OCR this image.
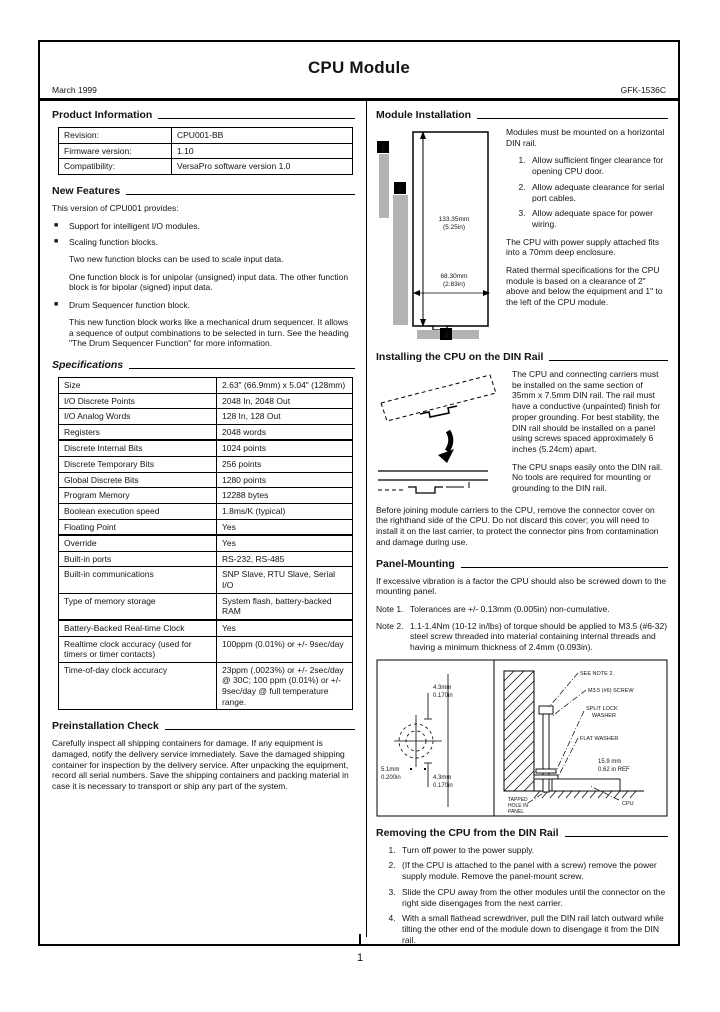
CPU Module
March 1999	GFK-1536C
Product Information
Revision:	CPU001-BB
Firmware version:	1.10
Compatibility:	VersaPro software version 1.0
New Features

This version of CPU001 provides:

■	Support for intelligent I/O modules.
■	Scaling function blocks.

Two new function blocks can be used to scale input data.

One function block is for unipolar (unsigned) input data. The other function block is for bipolar (signed) input data.

■	Drum Sequencer function block.

This new function block works like a mechanical drum sequencer. It allows a sequence of output combinations to be selected in turn. See the heading "The Drum Sequencer Function" for more information.

Specifications
Size	2.63" (66.9mm) x 5.04" (128mm)
I/O Discrete Points	2048 In, 2048 Out
I/O Analog Words	128 In, 128 Out
Registers	2048 words
Discrete Internal Bits	1024 points
Discrete Temporary Bits	256 points
Global Discrete Bits	1280 points
Program Memory	12288 bytes
Boolean execution speed	1.8ms/K (typical)
Floating Point	Yes
Override	Yes
Built-in ports	RS-232, RS-485
Built-in communications	SNP Slave, RTU Slave, Serial I/O
Type of memory storage	System flash, battery-backed RAM
Battery-Backed Real-time Clock	Yes
Realtime clock accuracy (used for timers or timer contacts)	100ppm (0.01%) or +/- 9sec/day
Time-of-day clock accuracy	23ppm (.0023%) or +/- 2sec/day @ 30C; 100 ppm (0.01%) or +/- 9sec/day @ full temperature range.
Preinstallation Check

Carefully inspect all shipping containers for damage. If any equipment is damaged, notify the delivery service immediately. Save the damaged shipping container for inspection by the delivery service. After unpacking the equipment, record all serial numbers. Save the shipping containers and packing material in case it is necessary to transport or ship any part of the system.

Module Installation
1
2
133.35mm
(5.25in)
68.30mm
(2.83in)
3

Modules must be mounted on a horizontal DIN rail.

1. Allow sufficient finger clearance for opening CPU door.
2. Allow adequate clearance for serial port cables.
3. Allow adequate space for power wiring.

The CPU with power supply attached fits into a 70mm deep enclosure.

Rated thermal specifications for the CPU module is based on a clearance of 2" above and below the equipment and 1" to the left of the CPU module.

Installing the CPU on the DIN Rail

The CPU and connecting carriers must be installed on the same section of 35mm x 7.5mm DIN rail. The rail must have a conductive (unpainted) finish for proper grounding. For best stability, the DIN rail should be installed on a panel using screws spaced approximately 6 inches (5.24cm) apart.

The CPU snaps easily onto the DIN rail. No tools are required for mounting or grounding to the DIN rail.

Before joining module carriers to the CPU, remove the connector cover on the righthand side of the CPU. Do not discard this cover; you will need to install it on the last carrier, to protect the connector pins from contamination and damage during use.

Panel-Mounting

If excessive vibration is a factor the CPU should also be screwed down to the mounting panel.

Note 1. Tolerances are +/- 0.13mm (0.005in) non-cumulative.
Note 2. 1.1-1.4Nm (10-12 in/lbs) of torque should be applied to M3.5 (#6-32) steel screw threaded into material containing internal threads and having a minimum thickness of 2.4mm (0.093in).
4.3mm
0.170in
4.3mm
0.170in
5.1mm
0.200in
SEE NOTE 2.
M3.5 (#6) SCREW
SPLIT LOCK
WASHER
FLAT WASHER
15.9 mm
0.62 in REF
TAPPED
HOLE IN
PANEL
CPU
Removing the CPU from the DIN Rail
1. Turn off power to the power supply.
2. (If the CPU is attached to the panel with a screw) remove the power supply module. Remove the panel-mount screw.
3. Slide the CPU away from the other modules until the connector on the right side disengages from the next carrier.
4. With a small flathead screwdriver, pull the DIN rail latch outward while tilting the other end of the module down to disengage it from the DIN rail.
1
